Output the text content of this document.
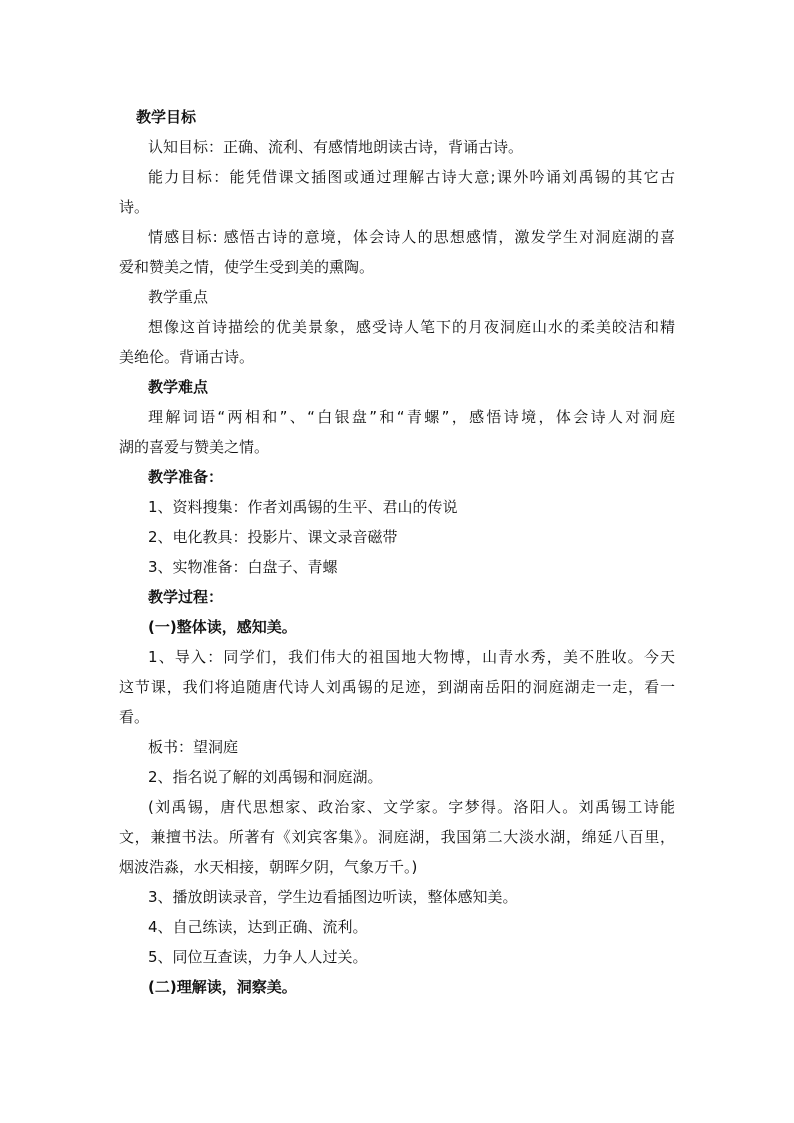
教学目标
认知目标：正确、流利、有感情地朗读古诗，背诵古诗。
能力目标：能凭借课文插图或通过理解古诗大意;课外吟诵刘禹锡的其它古
诗。
情感目标: 感悟古诗的意境，体会诗人的思想感情，激发学生对洞庭湖的喜
爱和赞美之情，使学生受到美的熏陶。
教学重点
想像这首诗描绘的优美景象，感受诗人笔下的月夜洞庭山水的柔美皎洁和精
美绝伦。背诵古诗。
教学难点
理解词语“两相和”、“白银盘”和“青螺”，感悟诗境，体会诗人对洞庭
湖的喜爱与赞美之情。
教学准备：
1、资料搜集：作者刘禹锡的生平、君山的传说
2、电化教具：投影片、课文录音磁带
3、实物准备：白盘子、青螺
教学过程：
(一)整体读，感知美。
1、导入：同学们，我们伟大的祖国地大物博，山青水秀，美不胜收。今天
这节课，我们将追随唐代诗人刘禹锡的足迹，到湖南岳阳的洞庭湖走一走，看一
看。
板书：望洞庭
2、指名说了解的刘禹锡和洞庭湖。
(刘禹锡，唐代思想家、政治家、文学家。字梦得。洛阳人。刘禹锡工诗能
文，兼擅书法。所著有《刘宾客集》。洞庭湖，我国第二大淡水湖，绵延八百里，
烟波浩淼，水天相接，朝晖夕阴，气象万千。)
3、播放朗读录音，学生边看插图边听读，整体感知美。
4、自己练读，达到正确、流利。
5、同位互查读，力争人人过关。
(二)理解读，洞察美。
